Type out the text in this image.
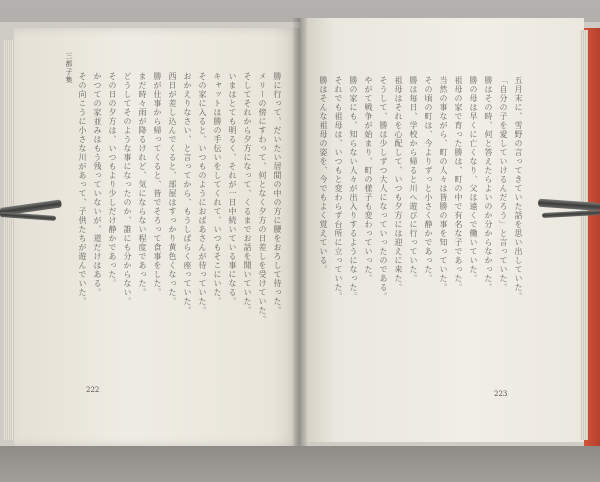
三都子集
勝に行って、だいたい居間の中の方に腰をおろして待った。
メリーの傍にすわって、何となく夕方の日差しを受けていた。
そしてそれから夕方になって、くるまでお話を聞いていた。
いまはとても明るく、それが一日中続いている事になる。
キャットは勝の手伝いをしてくれて、いつもそこにいた。
その家に入ると、いつものようにおばあさんが待っていた。
おかえりなさい、と言ってから、もうしばらく座っていた。
西日が差し込んでくると、部屋はすっかり黄色くなった。
勝が仕事から帰ってくると、皆でそろって食事をした。
まだ時々雨が降るけれど、気にならない程度であった。
どうしてそのような事になったのか、誰にも分からない。
その日の夕方は、いつもより少しだけ静かであった。
かつての家並みはもう残っていないが、道だけはある。
その向こうに小さな川があって、子供たちが遊んでいた。	五月末に、雪野の言ってきていた話を思い出していた。
「自分の子を愛していけるんだろう」と言っていた。
勝はその時、何と答えたらよいのか分からなかった。
勝の母は早くに亡くなり、父は遠くで働いていた。
祖母の家で育った勝は、町の中で有名な子であった。
当然の事ながら、町の人々は皆勝の事を知っていた。
その頃の町は、今よりずっと小さく静かであった。
勝は毎日、学校から帰ると川へ遊びに行っていた。
祖母はそれを心配して、いつも夕方には迎えに来た。
そうして、勝は少しずつ大人になっていったのである。
やがて戦争が始まり、町の様子も変わっていった。
勝の家にも、知らない人々が出入りするようになった。
それでも祖母は、いつもと変わらず台所に立っていた。
勝はそんな祖母の姿を、今でもよく覚えている。
222	223
